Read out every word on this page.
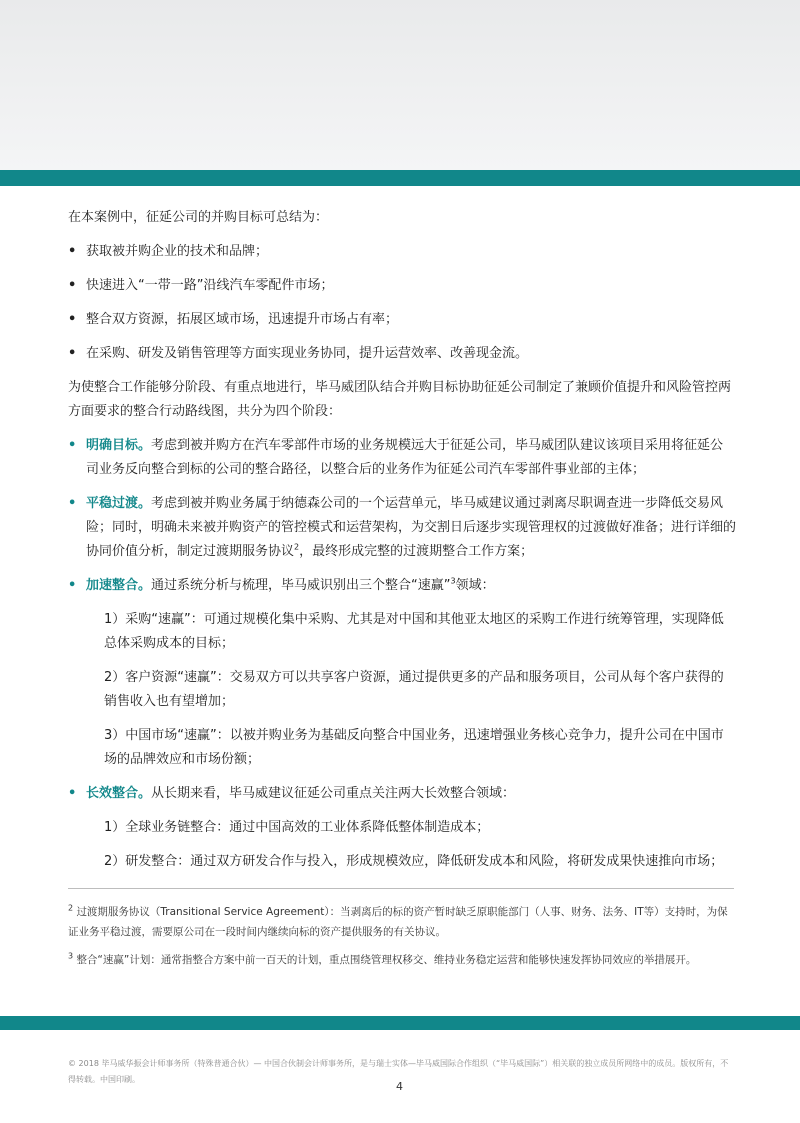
在本案例中，征延公司的并购目标可总结为：

• 获取被并购企业的技术和品牌；
• 快速进入“一带一路”沿线汽车零配件市场；
• 整合双方资源，拓展区域市场，迅速提升市场占有率；
• 在采购、研发及销售管理等方面实现业务协同，提升运营效率、改善现金流。

为使整合工作能够分阶段、有重点地进行，毕马威团队结合并购目标协助征延公司制定了兼顾价值提升和风险管控两方面要求的整合行动路线图，共分为四个阶段：

• 明确目标。考虑到被并购方在汽车零部件市场的业务规模远大于征延公司，毕马威团队建议该项目采用将征延公司业务反向整合到标的公司的整合路径，以整合后的业务作为征延公司汽车零部件事业部的主体；
• 平稳过渡。考虑到被并购业务属于纳德森公司的一个运营单元，毕马威建议通过剥离尽职调查进一步降低交易风险；同时，明确未来被并购资产的管控模式和运营架构，为交割日后逐步实现管理权的过渡做好准备；进行详细的协同价值分析，制定过渡期服务协议$^2$，最终形成完整的过渡期整合工作方案；
• 加速整合。通过系统分析与梳理，毕马威识别出三个整合“速赢”$^3$领域：

1）采购“速赢”：可通过规模化集中采购、尤其是对中国和其他亚太地区的采购工作进行统筹管理，实现降低总体采购成本的目标；

2）客户资源“速赢”：交易双方可以共享客户资源，通过提供更多的产品和服务项目，公司从每个客户获得的销售收入也有望增加；

3）中国市场“速赢”：以被并购业务为基础反向整合中国业务，迅速增强业务核心竞争力，提升公司在中国市场的品牌效应和市场份额；

• 长效整合。从长期来看，毕马威建议征延公司重点关注两大长效整合领域：

1）全球业务链整合：通过中国高效的工业体系降低整体制造成本；

2）研发整合：通过双方研发合作与投入，形成规模效应，降低研发成本和风险，将研发成果快速推向市场；

$^2$ 过渡期服务协议（Transitional Service Agreement）：当剥离后的标的资产暂时缺乏原职能部门（人事、财务、法务、IT等）支持时，为保证业务平稳过渡，需要原公司在一段时间内继续向标的资产提供服务的有关协议。

$^3$ 整合“速赢”计划：通常指整合方案中前一百天的计划，重点围绕管理权移交、维持业务稳定运营和能够快速发挥协同效应的举措展开。

© 2018 毕马威华振会计师事务所（特殊普通合伙）— 中国合伙制会计师事务所，是与瑞士实体—毕马威国际合作组织（“毕马威国际”）相关联的独立成员所网络中的成员。版权所有，不得转载。中国印刷。
4
